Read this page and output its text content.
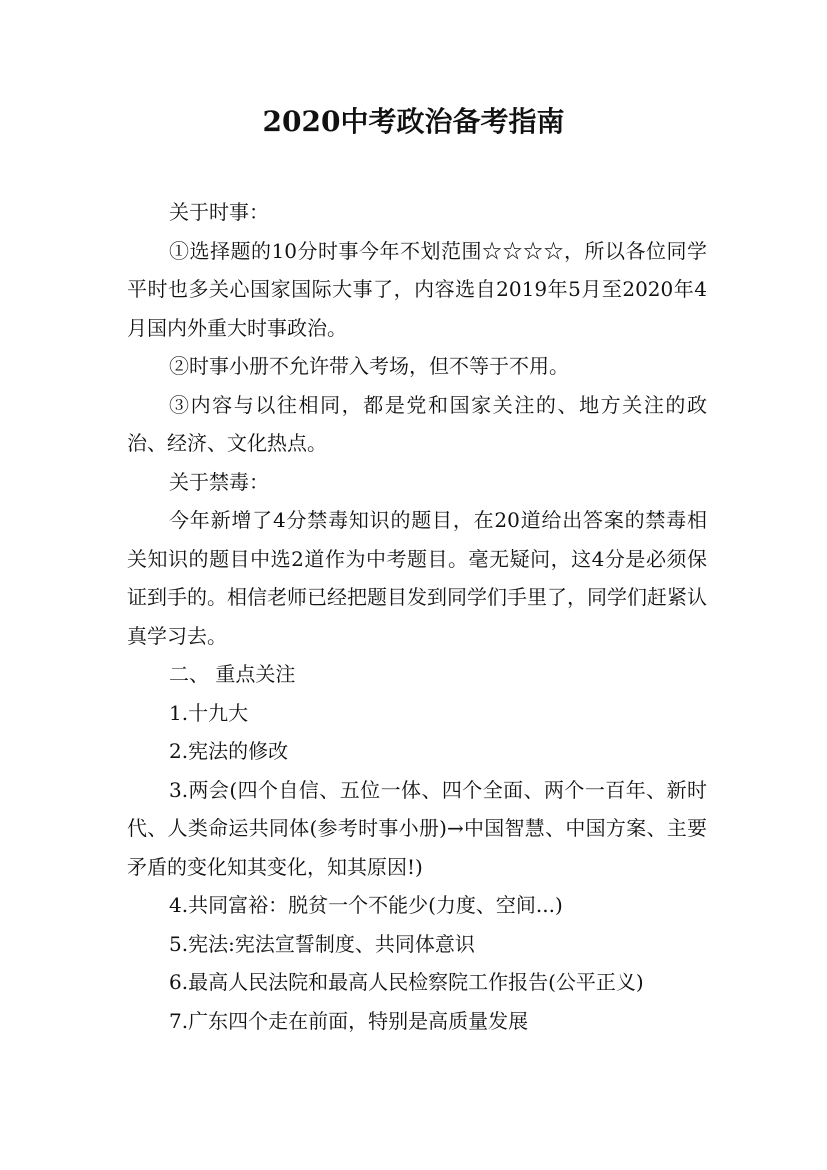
2020中考政治备考指南

关于时事：

①选择题的10分时事今年不划范围☆☆☆☆，所以各位同学平时也多关心国家国际大事了，内容选自2019年5月至2020年4月国内外重大时事政治。

②时事小册不允许带入考场，但不等于不用。

③内容与以往相同，都是党和国家关注的、地方关注的政治、经济、文化热点。

关于禁毒：

今年新增了4分禁毒知识的题目，在20道给出答案的禁毒相关知识的题目中选2道作为中考题目。毫无疑问，这4分是必须保证到手的。相信老师已经把题目发到同学们手里了，同学们赶紧认真学习去。

二、 重点关注

1.十九大

2.宪法的修改

3.两会(四个自信、五位一体、四个全面、两个一百年、新时代、人类命运共同体(参考时事小册)→中国智慧、中国方案、主要矛盾的变化知其变化，知其原因!)

4.共同富裕：脱贫一个不能少(力度、空间...)

5.宪法:宪法宣誓制度、共同体意识

6.最高人民法院和最高人民检察院工作报告(公平正义)

7.广东四个走在前面，特别是高质量发展
